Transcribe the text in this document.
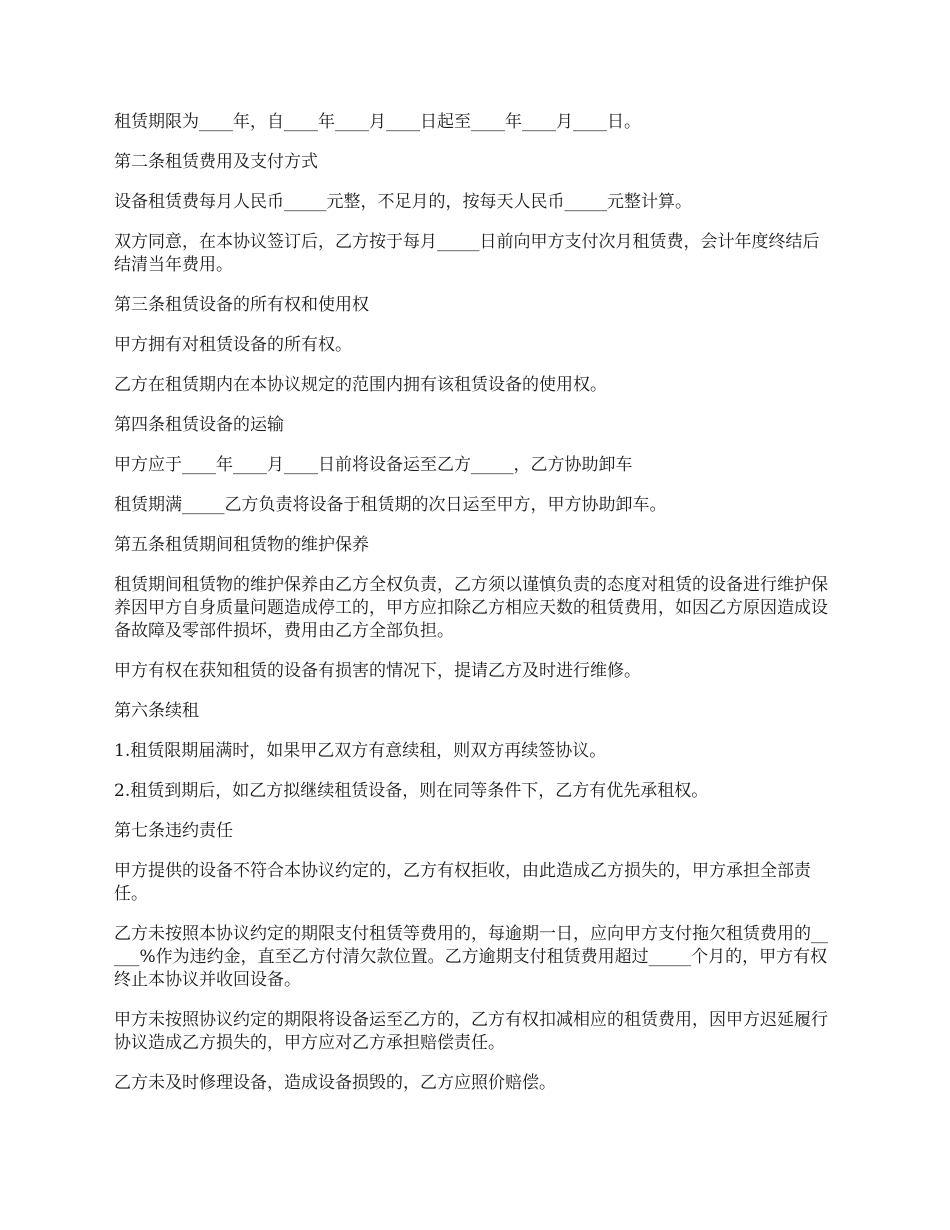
租赁期限为____年，自____年____月____日起至____年____月____日。

第二条租赁费用及支付方式

设备租赁费每月人民币_____元整，不足月的，按每天人民币_____元整计算。

双方同意，在本协议签订后，乙方按于每月_____日前向甲方支付次月租赁费，会计年度终结后结清当年费用。

第三条租赁设备的所有权和使用权

甲方拥有对租赁设备的所有权。

乙方在租赁期内在本协议规定的范围内拥有该租赁设备的使用权。

第四条租赁设备的运输

甲方应于____年____月____日前将设备运至乙方_____，乙方协助卸车

租赁期满_____乙方负责将设备于租赁期的次日运至甲方，甲方协助卸车。

第五条租赁期间租赁物的维护保养

租赁期间租赁物的维护保养由乙方全权负责，乙方须以谨慎负责的态度对租赁的设备进行维护保养因甲方自身质量问题造成停工的，甲方应扣除乙方相应天数的租赁费用，如因乙方原因造成设备故障及零部件损坏，费用由乙方全部负担。

甲方有权在获知租赁的设备有损害的情况下，提请乙方及时进行维修。

第六条续租

1.租赁限期届满时，如果甲乙双方有意续租，则双方再续签协议。

2.租赁到期后，如乙方拟继续租赁设备，则在同等条件下，乙方有优先承租权。

第七条违约责任

甲方提供的设备不符合本协议约定的，乙方有权拒收，由此造成乙方损失的，甲方承担全部责任。

乙方未按照本协议约定的期限支付租赁等费用的，每逾期一日，应向甲方支付拖欠租赁费用的_____%作为违约金，直至乙方付清欠款位置。乙方逾期支付租赁费用超过_____个月的，甲方有权终止本协议并收回设备。

甲方未按照协议约定的期限将设备运至乙方的，乙方有权扣减相应的租赁费用，因甲方迟延履行协议造成乙方损失的，甲方应对乙方承担赔偿责任。

乙方未及时修理设备，造成设备损毁的，乙方应照价赔偿。
